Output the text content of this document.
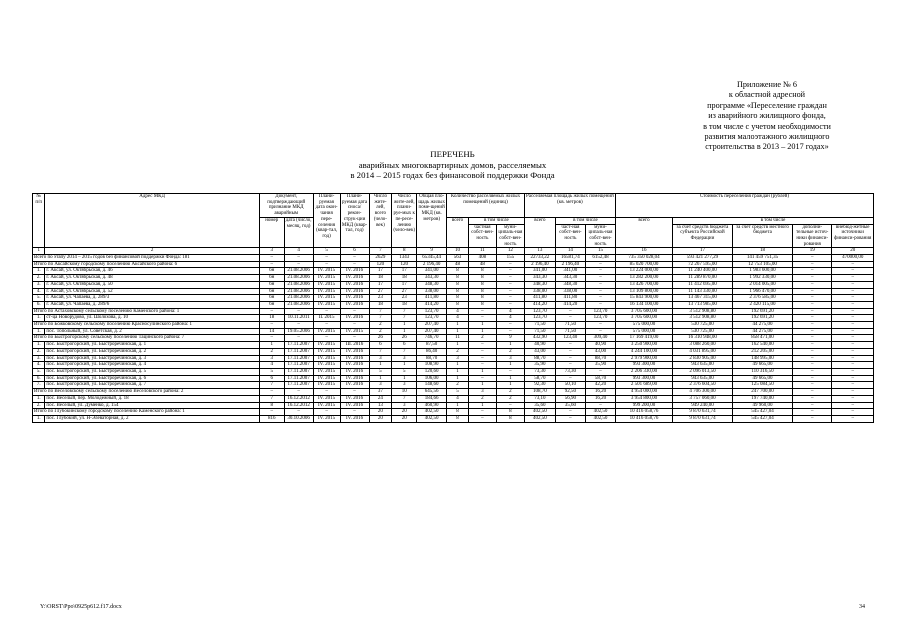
Приложение № 6
к областной адресной
программе «Переселение граждан
из аварийного жилищного фонда,
в том числе с учетом необходимости
развития малоэтажного жилищного
строительства в 2013 – 2017 годах»
ПЕРЕЧЕНЬ
аварийных многоквартирных домов, расселяемых
в 2014 – 2015 годах без финансовой поддержки Фонда
№ п/п	Адрес МКД	Документ, подтверждающий признание МКД аварийным		Плани-руемая дата окон-чания пере-селения (квар-тал, год)	Плани-руемая дата сноса/ рекон-струк-ции МКД (квар-тал, год)	Число жите-лей, всего (чело-век)	Число жите-лей, плани-руе-мых к пе-ресе-лению (чело-век)	Общая пло-щадь жилых поме-щений МКД (кв. метров)	Количество расселяемых жилых помещений (единиц)			Расселяемая площадь жилых помещений (кв. метров)			Стоимость переселения граждан (рублей)				
		номер	дата (число, месяц, год)						всего	в том числе		всего	в том числе		всего	в том числе			
										частная собст-вен-ность	муни-ципаль-ная собст-вен-ность		част-ная собст-вен-ность	муни-ципаль-ная собст-вен-ность		за счет средств бюджета субъекта Российской Федерации	за счет средств местного бюджета	дополни-тельные источ-ники финанси-рования	внебюд-жетные источники финанси-рования
1	2	3	4	5	6	7	8	9	10	11	12	13	14	15	16	17	18	19	20
Всего по этапу 2014 – 2015 годов без финансовой поддержки Фонда: 181		–	–	–	–	2629	1343	65345,44	563	408	155	22733,22	16581,74	6152,48	735 350 028,04	593 421 277,29	141 459 751,35	–	470000,00
Итого по Аксайскому городскому поселению Аксайского района: 6		–	–	–	–	120	120	2 196,40	48	48	–	2 196,40	2 196,40	–	85 020 700,00	72 267 595,00	12 753 105,00	–	–
1.	г. Аксай, ул. Октябрьская, д. 46	6н	21.08.2006	IV. 2015	IV. 2016	17	17	341,00	8	8	–	341,00	341,00	–	13 224 000,00	11 240 400,00	1 983 600,00	–	–
2.	г. Аксай, ул. Октябрьская, д. 48	6н	21.08.2006	IV. 2015	IV. 2016	18	18	343,30	8	8	–	343,30	343,30	–	13 282 200,00	11 289 870,00	1 992 330,00	–	–
3.	г. Аксай, ул. Октябрьская, д. 50	6н	21.08.2006	IV. 2015	IV. 2016	17	17	348,30	8	8	–	348,30	348,30	–	13 426 700,00	11 412 695,00	2 014 005,00	–	–
4.	г. Аксай, ул. Октябрьская, д. 52	6н	21.08.2006	IV. 2015	IV. 2016	27	27	338,00	8	8	–	338,00	338,00	–	13 109 800,00	11 143 330,00	1 966 470,00	–	–
5.	г. Аксай, ул. Чапаева, д. 289/3	6н	21.08.2006	IV. 2015	IV. 2016	23	23	411,80	8	8	–	411,80	411,80	–	15 843 900,00	13 467 315,00	2 376 585,00	–	–
6.	г. Аксай, ул. Чапаева, д. 289/6	6н	21.08.2006	IV. 2015	IV. 2016	18	18	414,20	8	8	–	414,20	414,20	–	16 134 100,00	13 713 985,00	2 420 115,00	–	–
Итого по Астаховскому сельскому поселению Каменского района: 1		–	–	–	–	7	7	123,70	4	–	4	123,70	–	123,70	3 705 600,00	3 512 908,80	192 691,20	–	–
1.	ст-ца Новорудово, ул. Шолохова, д. 10	18	10.11.2011	II. 2015	IV. 2016	7	7	123,70	4	–	4	123,70	–	123,70	3 705 600,00	3 512 908,80	192 691,20	–	–
Итого по Божковскому сельскому поселению Красносулинского района: 1		–	–	–	–	2	1	207,40	1	1	–	71,50	71,50	–	575 000,00	530 725,00	44 275,00	–	–
1.	пос. Топольный, ул. Советская, д. 2	14	19.05.2006	IV. 2015	IV. 2015	2	1	207,40	1	1	–	71,50	71,50	–	575 000,00	530 725,00	44 275,00	–	–
Итого по Быстрогорскому сельскому поселению Тацинского района: 7		–	–	–	–	26	26	746,70	11	2	9	432,90	123,40	309,40	17 169 419,00	16 310 948,00	858 471,00	–	–
1.	пос. Быстрогорский, ул. Быстроречинская, д. 1	1	17.11.2007	IV. 2015	III. 2016	6	6	87,50	1	–	1	40,90	–	40,90	3 250 900,00	3 088 260,00	162 540,00	–	–
2.	пос. Быстрогорский, ул. Быстроречинская, д. 2	2	17.11.2007	IV. 2015	IV. 2016	7	7	86,40	2	–	2	43,00	–	43,00	4 244 100,00	4 031 895,00	212 205,00	–	–
3.	пос. Быстрогорский, ул. Быстроречинская, д. 3	3	17.11.2007	IV. 2015	IV. 2016	3	3	88,70	3	–	3	88,70	–	88,70	2 979 900,00	2 830 905,00	148 995,00	–	–
4.	пос. Быстрогорский, ул. Быстроречинская, д. 4	4	17.11.2007	IV. 2015	IV. 2016	1	1	108,90	1	–	1	35,90	–	35,90	993 300,00	943 635,00	49 665,00	–	–
5.	пос. Быстрогорский, ул. Быстроречинская, д. 5	5	17.11.2007	IV. 2015	IV. 2016	5	5	120,60	1	1	–	73,30	73,30	–	2 206 330,00	2 096 013,50	110 316,50	–	–
6.	пос. Быстрогорский, ул. Быстроречинская, д. 6	6	17.11.2007	IV. 2015	IV. 2016	1	1	106,00	1	–	1	58,70	–	58,70	993 300,00	943 635,00	49 665,00	–	–
7.	пос. Быстрогорский, ул. Быстроречинская, д. 7	7	17.11.2007	IV. 2015	IV. 2016	3	3	148,60	2	1	1	92,30	50,10	42,20	2 501 689,00	2 376 604,50	125 084,50	–	–
Итого по Веселовскому сельскому поселению Веселовского района: 2		–	–	–	–	37	10	645,56	5	3	2	108,70	92,50	16,20	4 954 000,00	4 706 300,00	247 700,00	–	–
1.	пос. Веселый, пер. Молодежный, д. 18	7	16.12.2012	IV. 2015	IV. 2016	24	7	184,66	4	2	2	73,10	56,90	16,20	3 954 800,00	3 757 060,00	197 740,00	–	–
2.	пос. Веселый, ул. Думенко, д. 154	8	16.12.2012	IV. 2015	IV. 2016	13	3	460,90	1	1	–	35,60	35,60	–	999 200,00	949 240,00	49 960,00	–	–
Итого по Глубокинскому городскому поселению Каменского района: 1		–	–	–	–	20	20	402,50	8	–	8	402,50	–	402,50	10 416 058,76	9 870 631,74	545 427,04	–	–
1.	пос. Глубокий, ул. Н-Элеваторная, д. 2	816	30.10.2006	IV. 2015	IV. 2016	20	20	402,50	8	–	8	402,50	–	402,50	10 416 058,76	9 870 631,74	545 427,04	–	–
Y:\ORST\Ppo\0925p612.f17.docx	34
